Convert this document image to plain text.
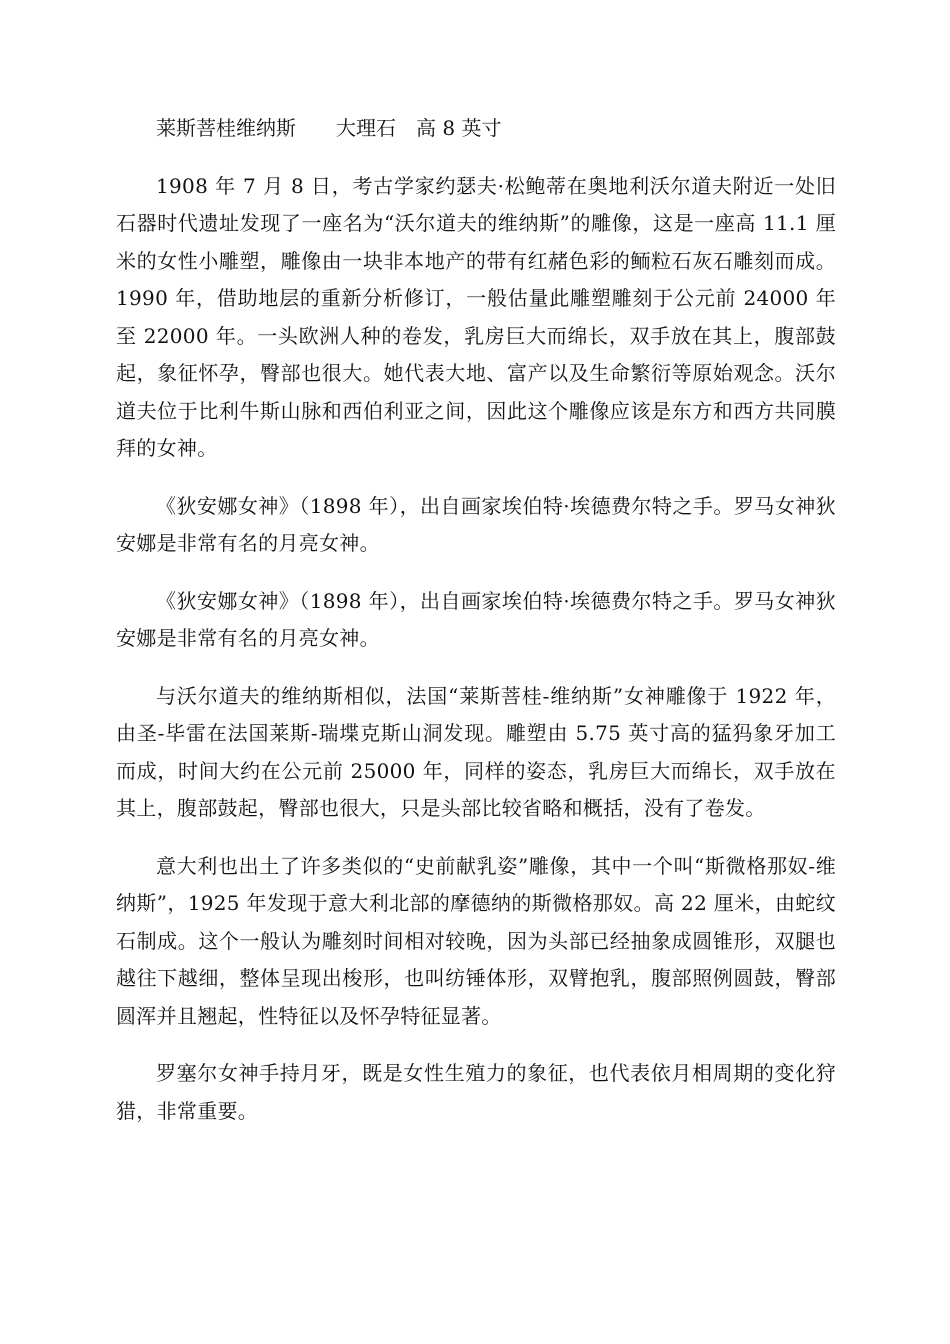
莱斯菩桂维纳斯　　大理石　高 8 英寸

1908 年 7 月 8 日，考古学家约瑟夫·松鲍蒂在奥地利沃尔道夫附近一处旧石器时代遗址发现了一座名为“沃尔道夫的维纳斯”的雕像，这是一座高 11.1 厘米的女性小雕塑，雕像由一块非本地产的带有红赭色彩的鲕粒石灰石雕刻而成。1990 年，借助地层的重新分析修订，一般估量此雕塑雕刻于公元前 24000 年至 22000 年。一头欧洲人种的卷发，乳房巨大而绵长，双手放在其上，腹部鼓起，象征怀孕，臀部也很大。她代表大地、富产以及生命繁衍等原始观念。沃尔道夫位于比利牛斯山脉和西伯利亚之间，因此这个雕像应该是东方和西方共同膜拜的女神。

《狄安娜女神》（1898 年），出自画家埃伯特·埃德费尔特之手。罗马女神狄安娜是非常有名的月亮女神。

《狄安娜女神》（1898 年），出自画家埃伯特·埃德费尔特之手。罗马女神狄安娜是非常有名的月亮女神。

与沃尔道夫的维纳斯相似，法国“莱斯菩桂-维纳斯”女神雕像于 1922 年，由圣-毕雷在法国莱斯-瑞堞克斯山洞发现。雕塑由 5.75 英寸高的猛犸象牙加工而成，时间大约在公元前 25000 年，同样的姿态，乳房巨大而绵长，双手放在其上，腹部鼓起，臀部也很大，只是头部比较省略和概括，没有了卷发。

意大利也出土了许多类似的“史前献乳姿”雕像，其中一个叫“斯微格那奴-维纳斯”，1925 年发现于意大利北部的摩德纳的斯微格那奴。高 22 厘米，由蛇纹石制成。这个一般认为雕刻时间相对较晚，因为头部已经抽象成圆锥形，双腿也越往下越细，整体呈现出梭形，也叫纺锤体形，双臂抱乳，腹部照例圆鼓，臀部圆浑并且翘起，性特征以及怀孕特征显著。

罗塞尔女神手持月牙，既是女性生殖力的象征，也代表依月相周期的变化狩猎，非常重要。
